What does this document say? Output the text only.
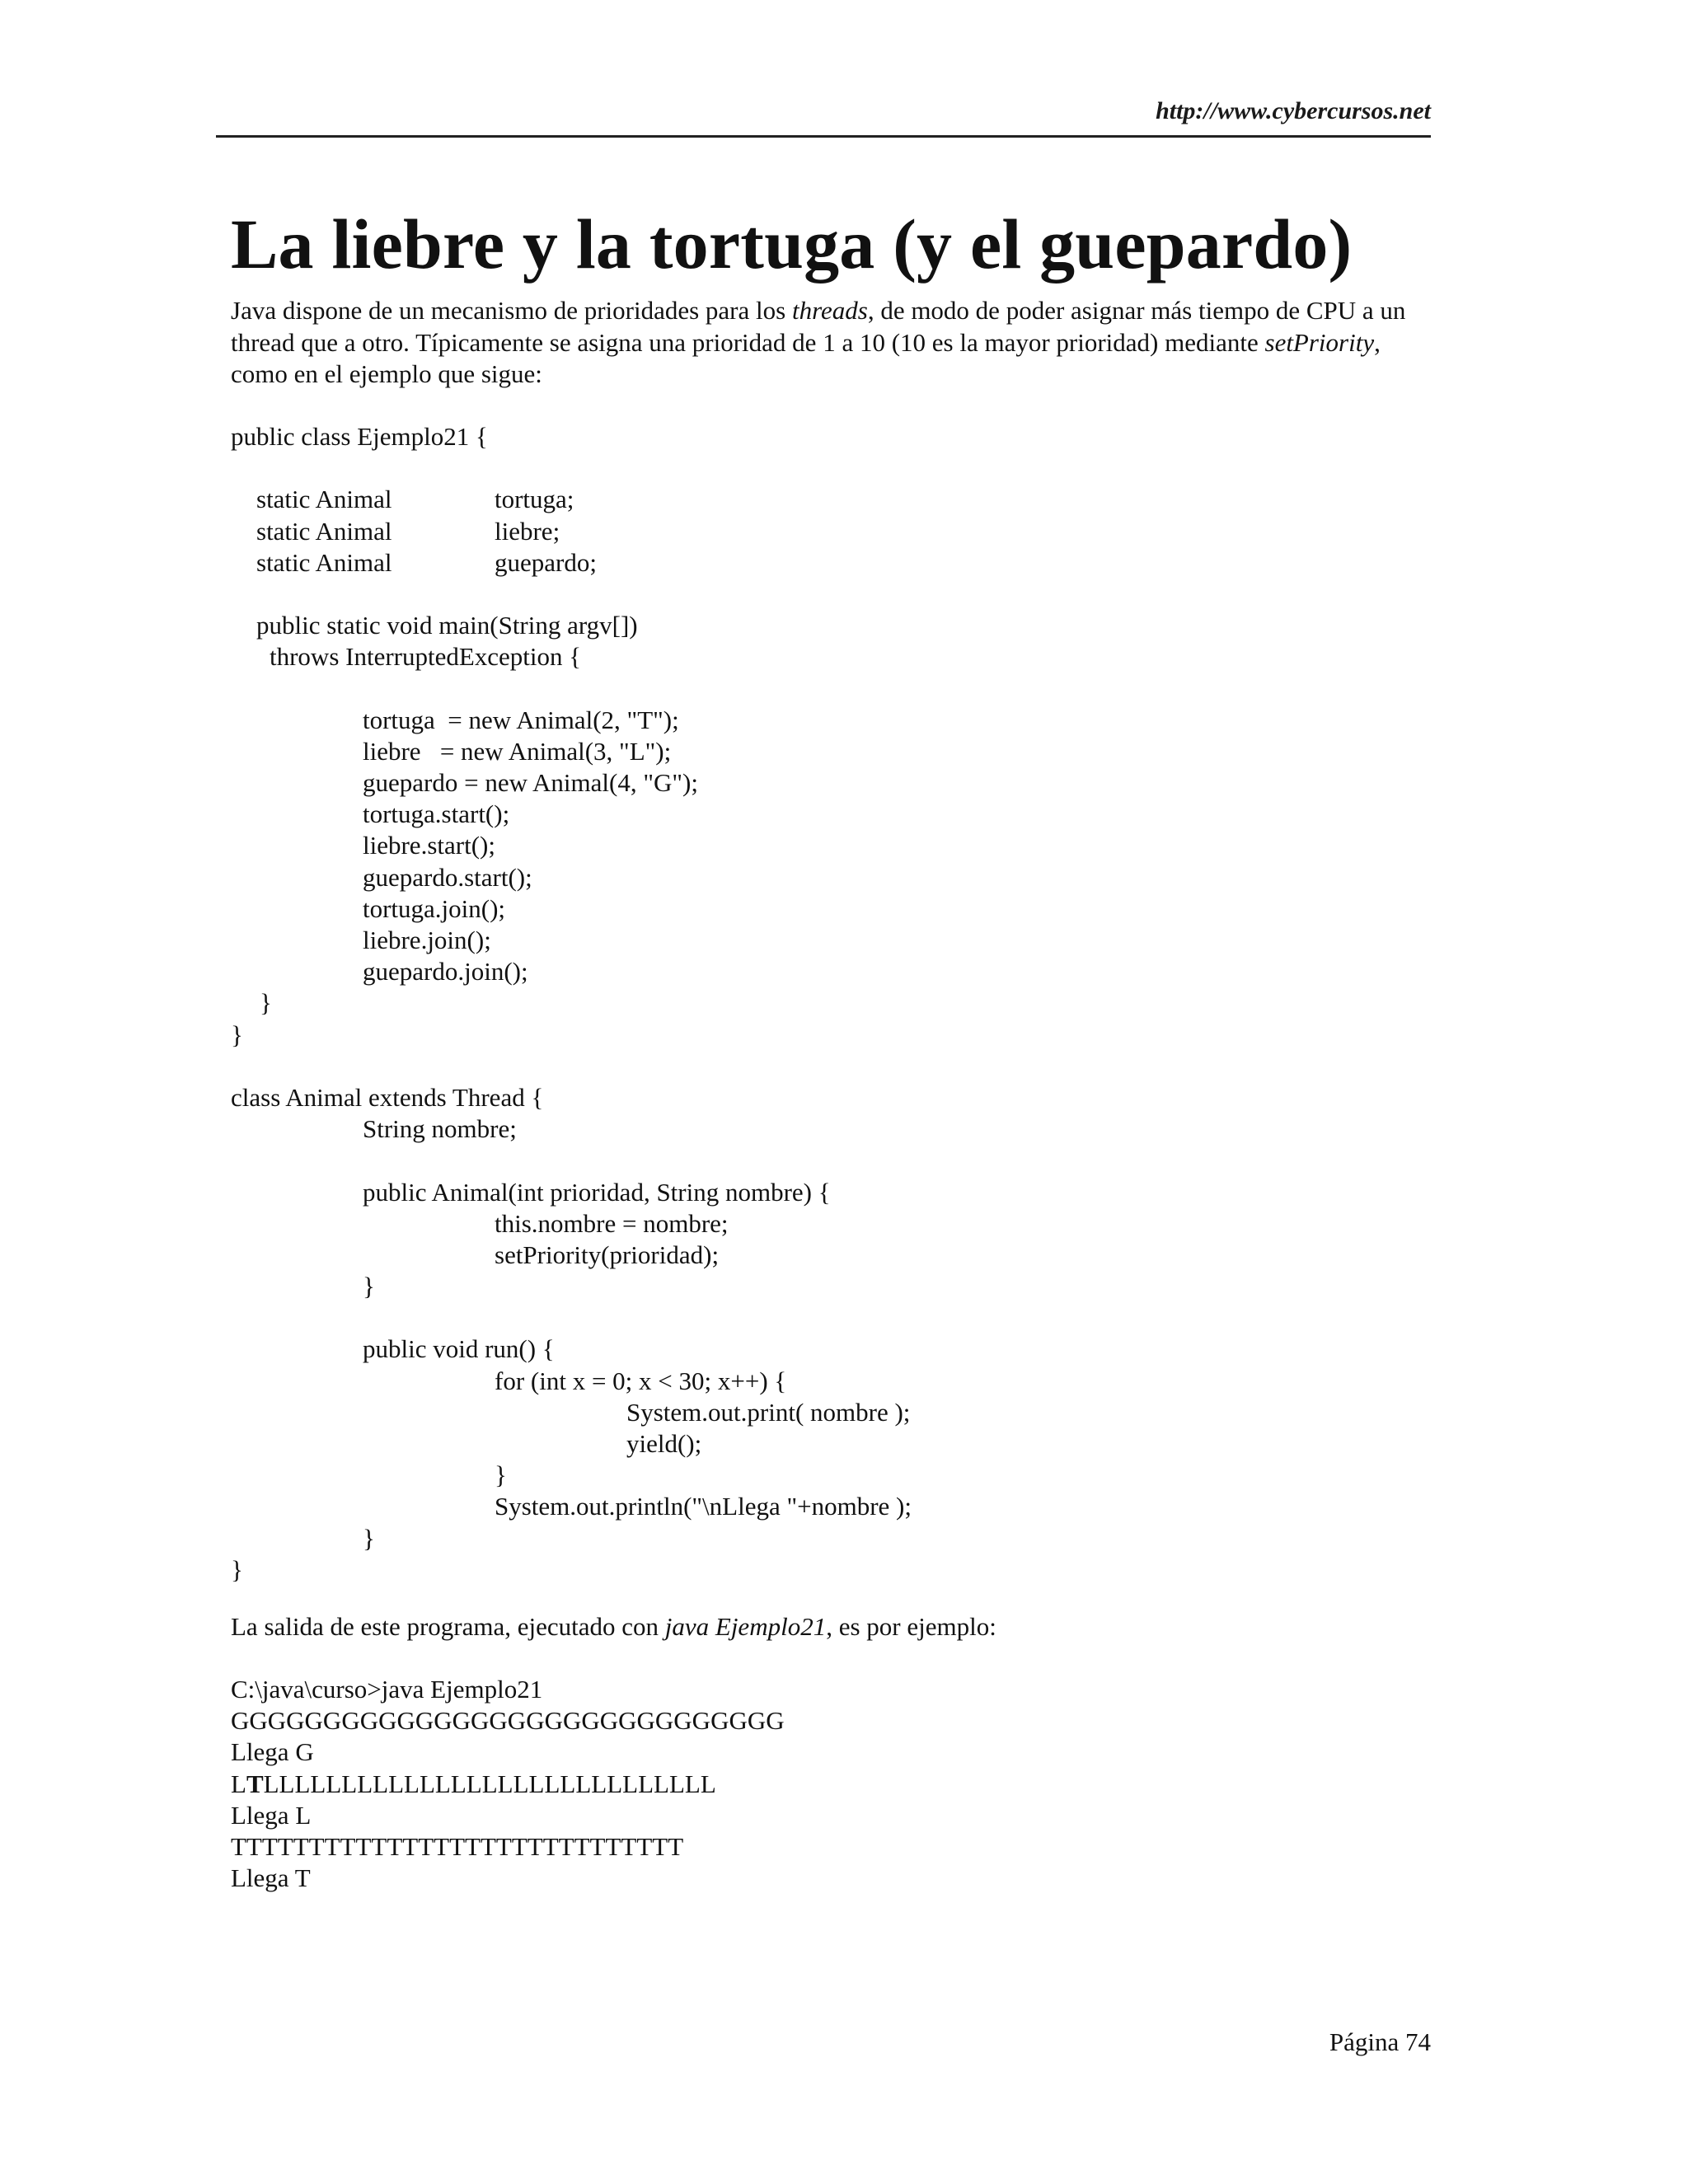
http://www.cybercursos.net
La liebre y la tortuga (y el guepardo)
Java dispone de un mecanismo de prioridades para los threads, de modo de poder asignar más tiempo de CPU a un thread que a otro. Típicamente se asigna una prioridad de 1 a 10 (10 es la mayor prioridad) mediante setPriority, como en el ejemplo que sigue:
public class Ejemplo21 {
static Animal	tortuga;
static Animal	liebre;
static Animal	guepardo;
public static void main(String argv[])
throws InterruptedException {
tortuga  = new Animal(2, "T");
liebre   = new Animal(3, "L");
guepardo = new Animal(4, "G");
tortuga.start();
liebre.start();
guepardo.start();
tortuga.join();
liebre.join();
guepardo.join();
}
}
class Animal extends Thread {
String nombre;
public Animal(int prioridad, String nombre) {
this.nombre = nombre;
setPriority(prioridad);
}
public void run() {
for (int x = 0; x < 30; x++) {
System.out.print( nombre );
yield();
}
System.out.println("\nLlega "+nombre );
}
}
La salida de este programa, ejecutado con java Ejemplo21, es por ejemplo:
C:\java\curso>java Ejemplo21
GGGGGGGGGGGGGGGGGGGGGGGGGGGGGG
Llega G
LTLLLLLLLLLLLLLLLLLLLLLLLLLLLLL
Llega L
TTTTTTTTTTTTTTTTTTTTTTTTTTTTT
Llega T
Página 74
